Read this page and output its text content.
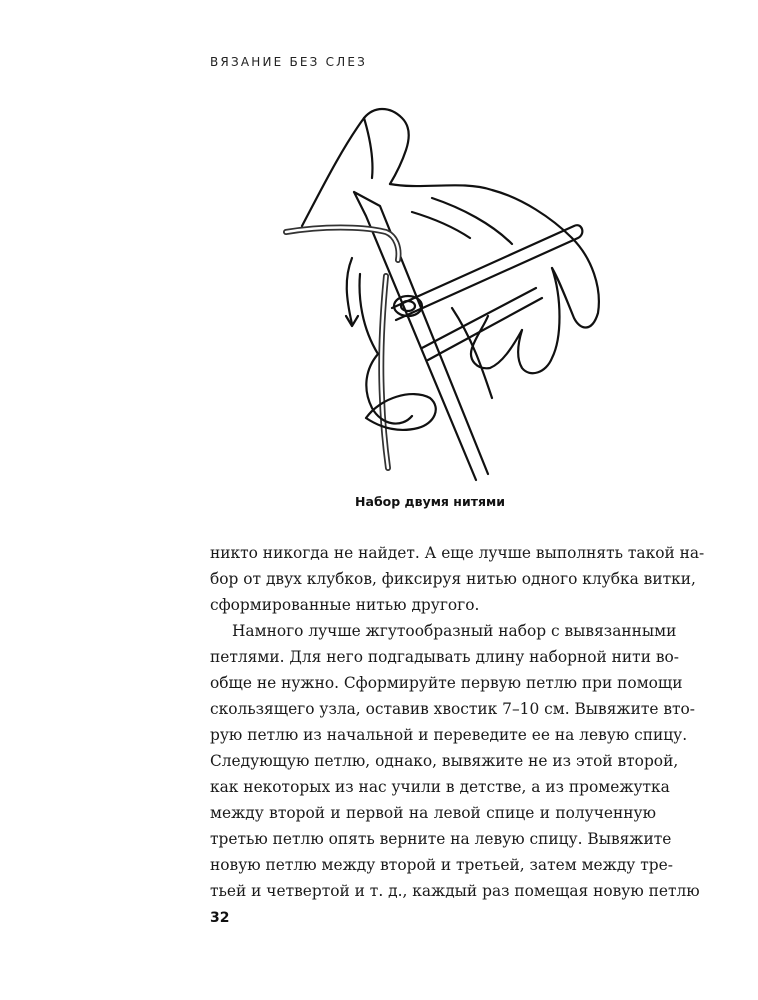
ВЯЗАНИЕ БЕЗ СЛЕЗ
Набор двумя нитями
никто никогда не найдет. А еще лучше выполнять такой на-
бор от двух клубков, фиксируя нитью одного клубка витки,
сформированные нитью другого.
Намного лучше жгутообразный набор с вывязанными
петлями. Для него подгадывать длину наборной нити во-
обще не нужно. Сформируйте первую петлю при помощи
скользящего узла, оставив хвостик 7–10 см. Вывяжите вто-
рую петлю из начальной и переведите ее на левую спицу.
Следующую петлю, однако, вывяжите не из этой второй,
как некоторых из нас учили в детстве, а из промежутка
между второй и первой на левой спице и полученную
третью петлю опять верните на левую спицу. Вывяжите
новую петлю между второй и третьей, затем между тре-
тьей и четвертой и т. д., каждый раз помещая новую петлю
32
